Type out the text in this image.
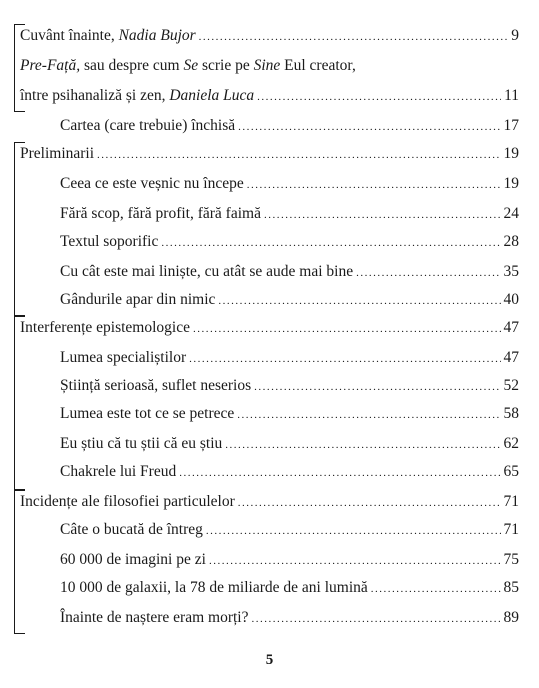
Cuvânt înainte, Nadia Bujor .....	9
Pre-Față, sau despre cum Se scrie pe Sine Eul creator,
între psihanaliză și zen, Daniela Luca .....	11
Cartea (care trebuie) închisă .....	17
Preliminarii .....	19
Ceea ce este veșnic nu începe .....	19
Fără scop, fără profit, fără faimă .....	24
Textul soporific .....	28
Cu cât este mai liniște, cu atât se aude mai bine .....	35
Gândurile apar din nimic .....	40
Interferențe epistemologice .....	47
Lumea specialiștilor .....	47
Știință serioasă, suflet neserios .....	52
Lumea este tot ce se petrece .....	58
Eu știu că tu știi că eu știu .....	62
Chakrele lui Freud .....	65
Incidențe ale filosofiei particulelor .....	71
Câte o bucată de întreg .....	71
60 000 de imagini pe zi .....	75
10 000 de galaxii, la 78 de miliarde de ani lumină .....	85
Înainte de naștere eram morți? .....	89
5
